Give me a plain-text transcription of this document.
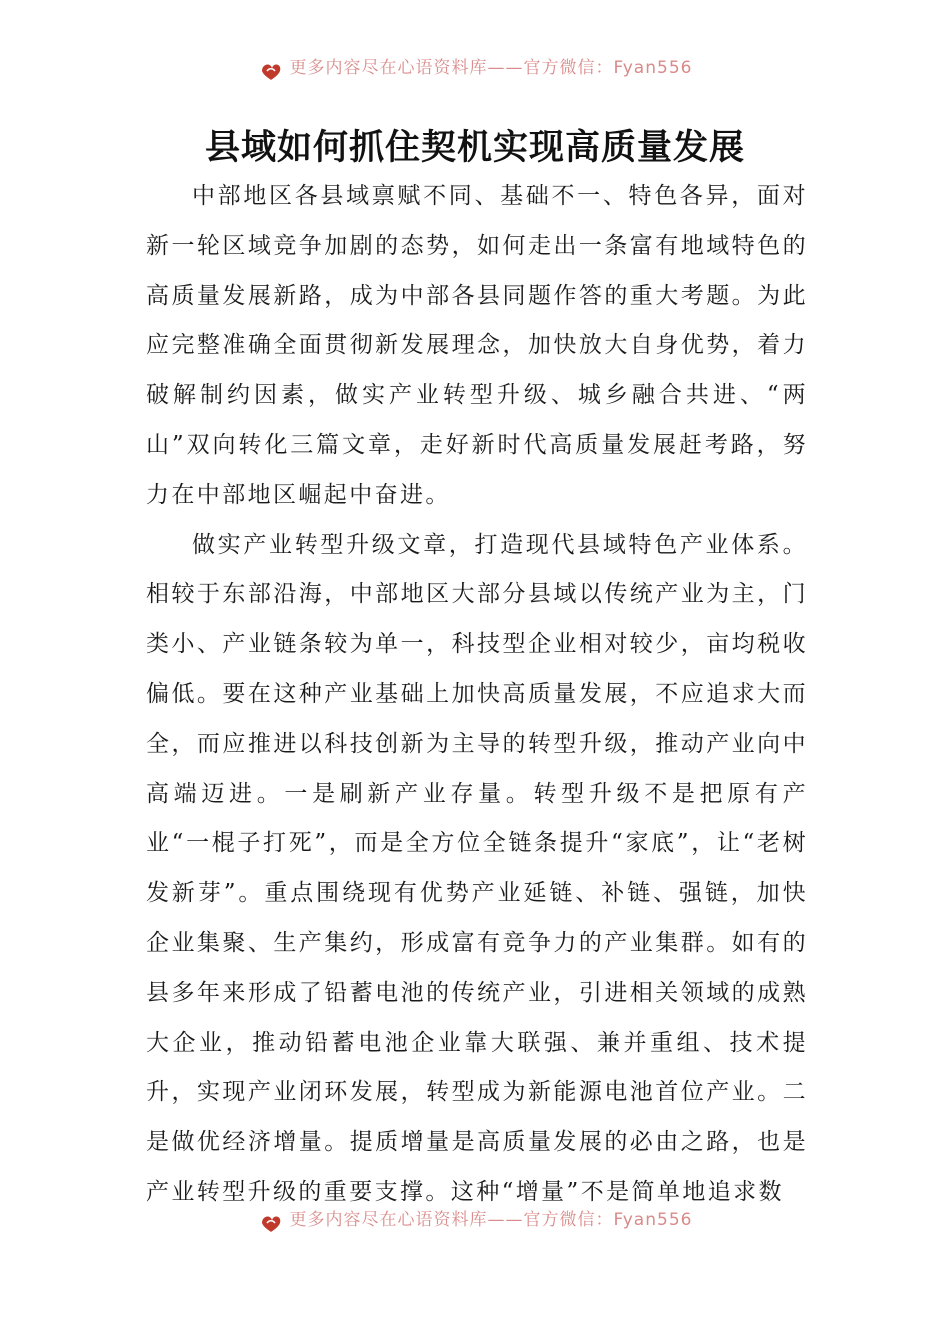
更多内容尽在心语资料库——官方微信：Fyan556
县域如何抓住契机实现高质量发展

中部地区各县域禀赋不同、基础不一、特色各异，面对新一轮区域竞争加剧的态势，如何走出一条富有地域特色的高质量发展新路，成为中部各县同题作答的重大考题。为此应完整准确全面贯彻新发展理念，加快放大自身优势，着力破解制约因素，做实产业转型升级、城乡融合共进、“两山”双向转化三篇文章，走好新时代高质量发展赶考路，努力在中部地区崛起中奋进。

做实产业转型升级文章，打造现代县域特色产业体系。相较于东部沿海，中部地区大部分县域以传统产业为主，门类小、产业链条较为单一，科技型企业相对较少，亩均税收偏低。要在这种产业基础上加快高质量发展，不应追求大而全，而应推进以科技创新为主导的转型升级，推动产业向中高端迈进。一是刷新产业存量。转型升级不是把原有产业“一棍子打死”，而是全方位全链条提升“家底”，让“老树发新芽”。重点围绕现有优势产业延链、补链、强链，加快企业集聚、生产集约，形成富有竞争力的产业集群。如有的县多年来形成了铅蓄电池的传统产业，引进相关领域的成熟大企业，推动铅蓄电池企业靠大联强、兼并重组、技术提升，实现产业闭环发展，转型成为新能源电池首位产业。二是做优经济增量。提质增量是高质量发展的必由之路，也是产业转型升级的重要支撑。这种“增量”不是简单地追求数

更多内容尽在心语资料库——官方微信：Fyan556
